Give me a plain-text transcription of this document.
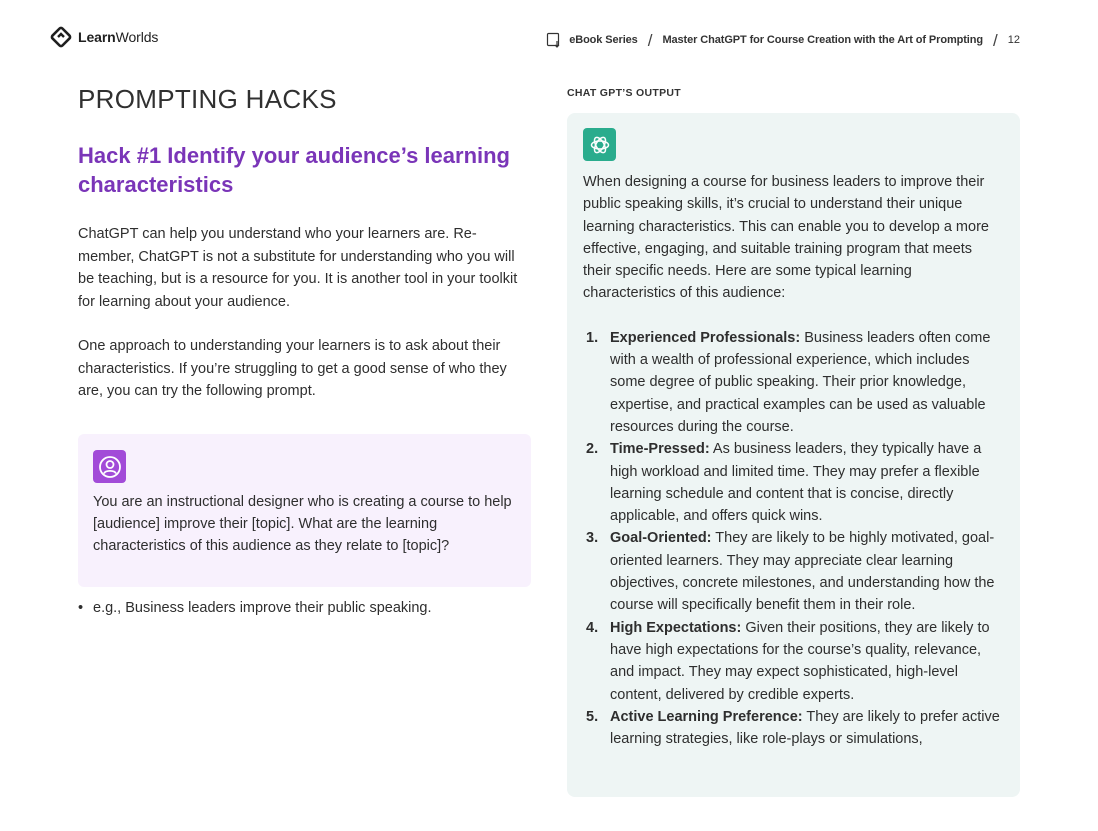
LearnWorlds	eBook Series / Master ChatGPT for Course Creation with the Art of Prompting / 12
PROMPTING HACKS
Hack #1 Identify your audience’s learning characteristics

ChatGPT can help you understand who your learners are. Re-member, ChatGPT is not a substitute for understanding who you will be teaching, but is a resource for you. It is another tool in your toolkit for learning about your audience.

One approach to understanding your learners is to ask about their characteristics. If you’re struggling to get a good sense of who they are, you can try the following prompt.

You are an instructional designer who is creating a course to help [audience] improve their [topic]. What are the learning characteristics of this audience as they relate to [topic]?

• e.g., Business leaders improve their public speaking.
CHAT GPT’S OUTPUT

When designing a course for business leaders to improve their public speaking skills, it’s crucial to understand their unique learning characteristics. This can enable you to develop a more effective, engaging, and suitable training program that meets their specific needs. Here are some typical learning characteristics of this audience:

1. Experienced Professionals: Business leaders often come with a wealth of professional experience, which includes some degree of public speaking. Their prior knowledge, expertise, and practical examples can be used as valuable resources during the course.
2. Time-Pressed: As business leaders, they typically have a high workload and limited time. They may prefer a flexible learning schedule and content that is concise, directly applicable, and offers quick wins.
3. Goal-Oriented: They are likely to be highly motivated, goal-oriented learners. They may appreciate clear learning objectives, concrete milestones, and understanding how the course will specifically benefit them in their role.
4. High Expectations: Given their positions, they are likely to have high expectations for the course’s quality, relevance, and impact. They may expect sophisticated, high-level content, delivered by credible experts.
5. Active Learning Preference: They are likely to prefer active learning strategies, like role-plays or simulations,
